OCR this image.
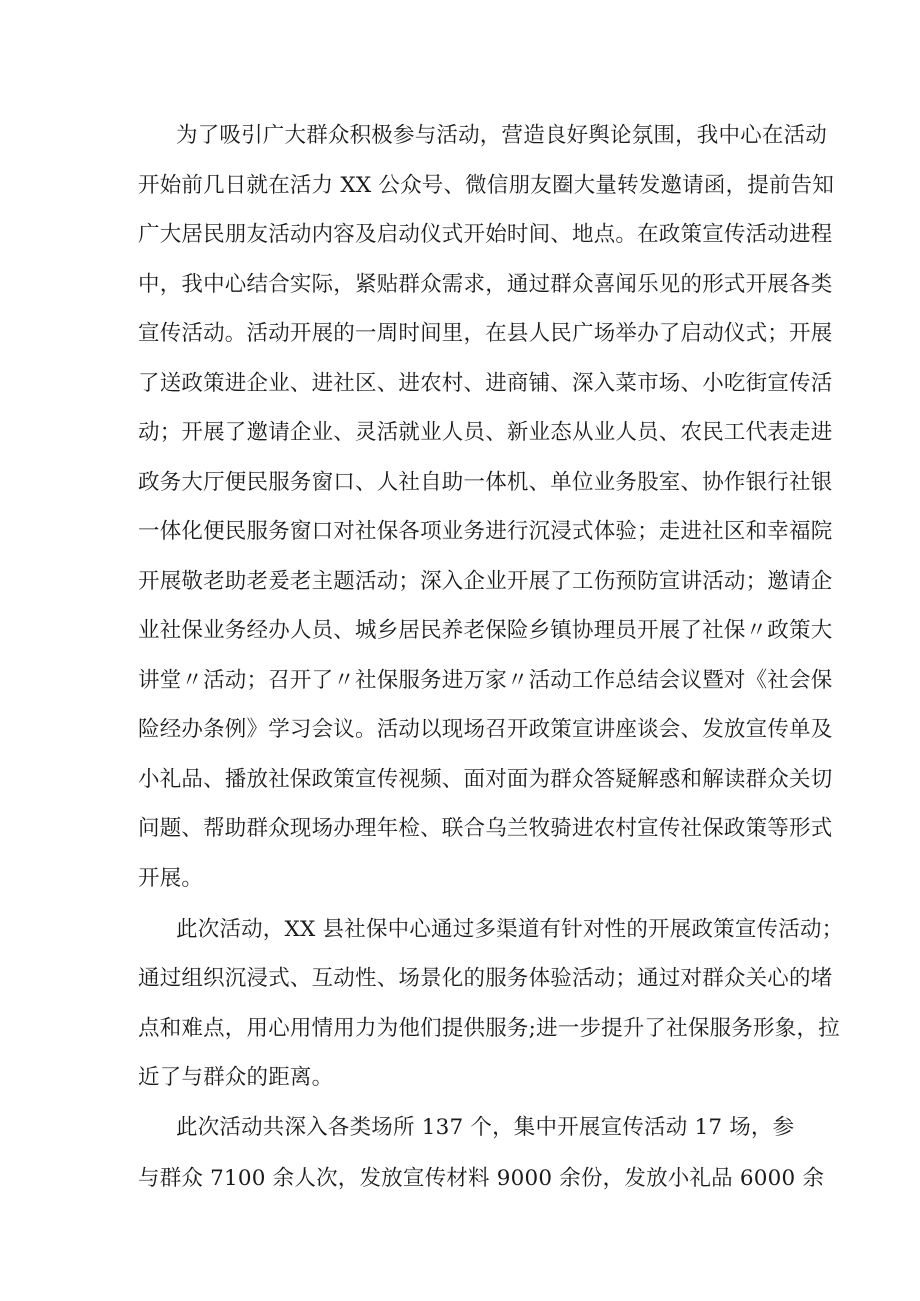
为了吸引广大群众积极参与活动，营造良好舆论氛围，我中心在活动
开始前几日就在活力 XX 公众号、微信朋友圈大量转发邀请函，提前告知
广大居民朋友活动内容及启动仪式开始时间、地点。在政策宣传活动进程
中，我中心结合实际，紧贴群众需求，通过群众喜闻乐见的形式开展各类
宣传活动。活动开展的一周时间里，在县人民广场举办了启动仪式；开展
了送政策进企业、进社区、进农村、进商铺、深入菜市场、小吃街宣传活
动；开展了邀请企业、灵活就业人员、新业态从业人员、农民工代表走进
政务大厅便民服务窗口、人社自助一体机、单位业务股室、协作银行社银
一体化便民服务窗口对社保各项业务进行沉浸式体验；走进社区和幸福院
开展敬老助老爰老主题活动；深入企业开展了工伤预防宣讲活动；邀请企
业社保业务经办人员、城乡居民养老保险乡镇协理员开展了社保〃政策大
讲堂〃活动；召开了〃社保服务进万家〃活动工作总结会议暨对《社会保
险经办条例》学习会议。活动以现场召开政策宣讲座谈会、发放宣传单及
小礼品、播放社保政策宣传视频、面对面为群众答疑解惑和解读群众关切
问题、帮助群众现场办理年检、联合乌兰牧骑进农村宣传社保政策等形式
开展。
此次活动，XX 县社保中心通过多渠道有针对性的开展政策宣传活动；
通过组织沉浸式、互动性、场景化的服务体验活动；通过对群众关心的堵
点和难点，用心用情用力为他们提供服务;进一步提升了社保服务形象，拉
近了与群众的距离。
此次活动共深入各类场所 137 个，集中开展宣传活动 17 场，参
与群众 7100 余人次，发放宣传材料 9000 余份，发放小礼品 6000 余
